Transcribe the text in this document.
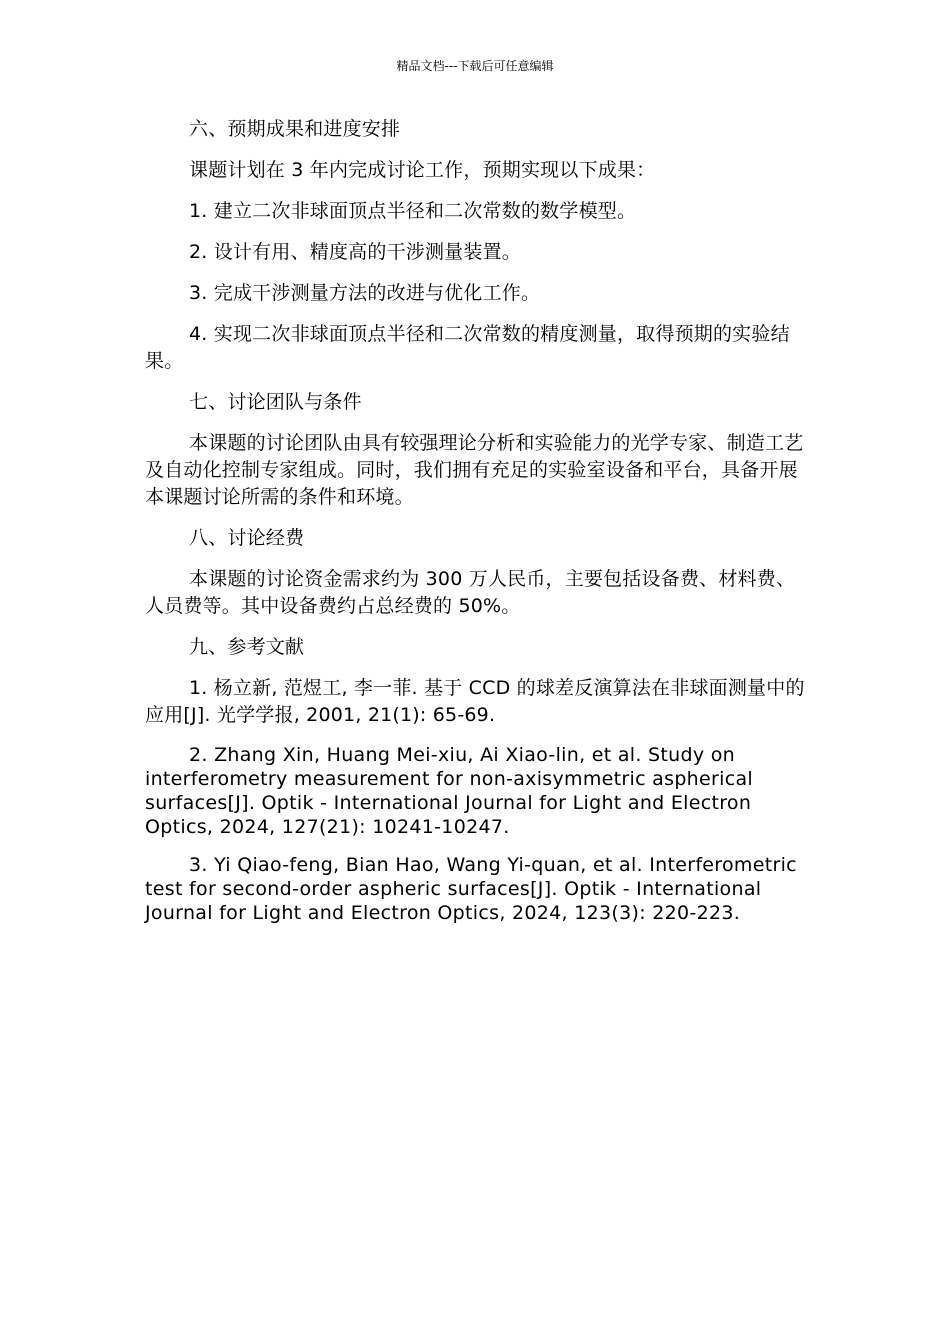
精品文档---下载后可任意编辑

六、预期成果和进度安排

课题计划在 3 年内完成讨论工作，预期实现以下成果：

1. 建立二次非球面顶点半径和二次常数的数学模型。

2. 设计有用、精度高的干涉测量装置。

3. 完成干涉测量方法的改进与优化工作。

4. 实现二次非球面顶点半径和二次常数的精度测量，取得预期的实验结果。

七、讨论团队与条件

本课题的讨论团队由具有较强理论分析和实验能力的光学专家、制造工艺及自动化控制专家组成。同时，我们拥有充足的实验室设备和平台，具备开展本课题讨论所需的条件和环境。

八、讨论经费

本课题的讨论资金需求约为 300 万人民币，主要包括设备费、材料费、人员费等。其中设备费约占总经费的 50%。

九、参考文献

1. 杨立新, 范煜工, 李一菲. 基于 CCD 的球差反演算法在非球面测量中的应用[J]. 光学学报, 2001, 21(1): 65-69.

2. Zhang Xin, Huang Mei-xiu, Ai Xiao-lin, et al. Study on interferometry measurement for non-axisymmetric aspherical surfaces[J]. Optik - International Journal for Light and Electron Optics, 2024, 127(21): 10241-10247.

3. Yi Qiao-feng, Bian Hao, Wang Yi-quan, et al. Interferometric test for second-order aspheric surfaces[J]. Optik - International Journal for Light and Electron Optics, 2024, 123(3): 220-223.
